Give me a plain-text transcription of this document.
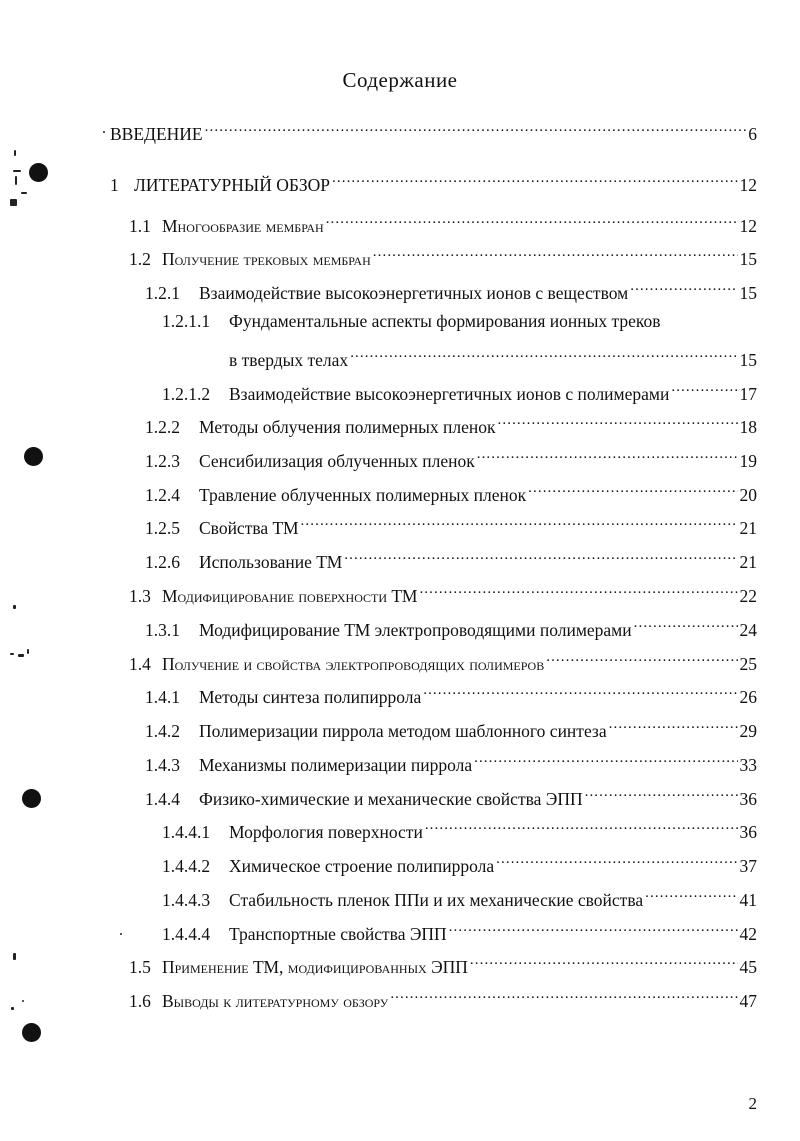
Содержание
ВВЕДЕНИЕ .....	6
1 ЛИТЕРАТУРНЫЙ ОБЗОР .....	12
1.1 Многообразие мембран .....	12
1.2 Получение трековых мембран .....	15
1.2.1	Взаимодействие высокоэнергетичных ионов с веществом .....	15
1.2.1.1 Фундаментальные аспекты формирования ионных треков
в твердых телах .....	15
1.2.1.2	Взаимодействие высокоэнергетичных ионов с полимерами .....	17
1.2.2	Методы облучения полимерных пленок .....	18
1.2.3	Сенсибилизация облученных пленок .....	19
1.2.4	Травление облученных полимерных пленок .....	20
1.2.5	Свойства ТМ .....	21
1.2.6	Использование ТМ .....	21
1.3 Модифицирование поверхности ТМ .....	22
1.3.1	Модифицирование ТМ электропроводящими полимерами .....	24
1.4 Получение и свойства электропроводящих полимеров .....	25
1.4.1	Методы синтеза полипиррола .....	26
1.4.2	Полимеризации пиррола методом шаблонного синтеза .....	29
1.4.3	Механизмы полимеризации пиррола .....	33
1.4.4	Физико-химические и механические свойства ЭПП .....	36
1.4.4.1	Морфология поверхности .....	36
1.4.4.2	Химическое строение полипиррола .....	37
1.4.4.3	Стабильность пленок ППи и их механические свойства .....	41
1.4.4.4	Транспортные свойства ЭПП .....	42
1.5 Применение ТМ, модифицированных ЭПП .....	45
1.6 Выводы к литературному обзору .....	47
2
